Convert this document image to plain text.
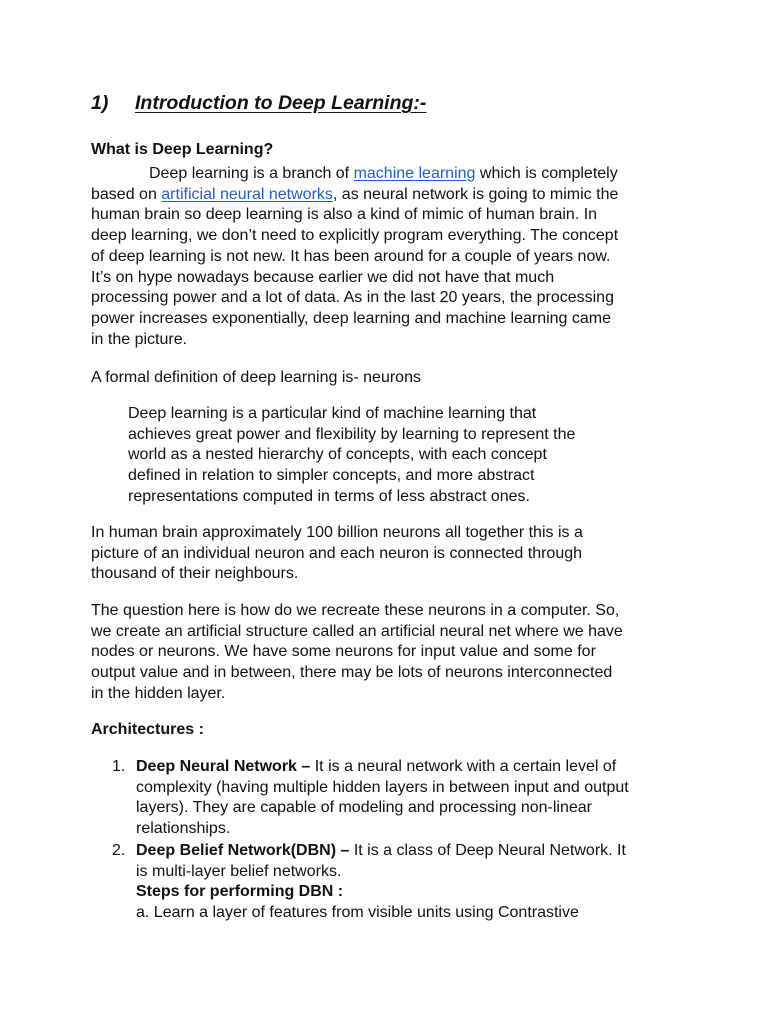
1) Introduction to Deep Learning:-
What is Deep Learning?
Deep learning is a branch of machine learning which is completely
based on artificial neural networks, as neural network is going to mimic the
human brain so deep learning is also a kind of mimic of human brain. In
deep learning, we don’t need to explicitly program everything. The concept
of deep learning is not new. It has been around for a couple of years now.
It’s on hype nowadays because earlier we did not have that much
processing power and a lot of data. As in the last 20 years, the processing
power increases exponentially, deep learning and machine learning came
in the picture.
A formal definition of deep learning is- neurons
Deep learning is a particular kind of machine learning that
achieves great power and flexibility by learning to represent the
world as a nested hierarchy of concepts, with each concept
defined in relation to simpler concepts, and more abstract
representations computed in terms of less abstract ones.
In human brain approximately 100 billion neurons all together this is a
picture of an individual neuron and each neuron is connected through
thousand of their neighbours.
The question here is how do we recreate these neurons in a computer. So,
we create an artificial structure called an artificial neural net where we have
nodes or neurons. We have some neurons for input value and some for
output value and in between, there may be lots of neurons interconnected
in the hidden layer.
Architectures :
1. Deep Neural Network – It is a neural network with a certain level of
complexity (having multiple hidden layers in between input and output
layers). They are capable of modeling and processing non-linear
relationships.
2. Deep Belief Network(DBN) – It is a class of Deep Neural Network. It
is multi-layer belief networks.
Steps for performing DBN :
a. Learn a layer of features from visible units using Contrastive
